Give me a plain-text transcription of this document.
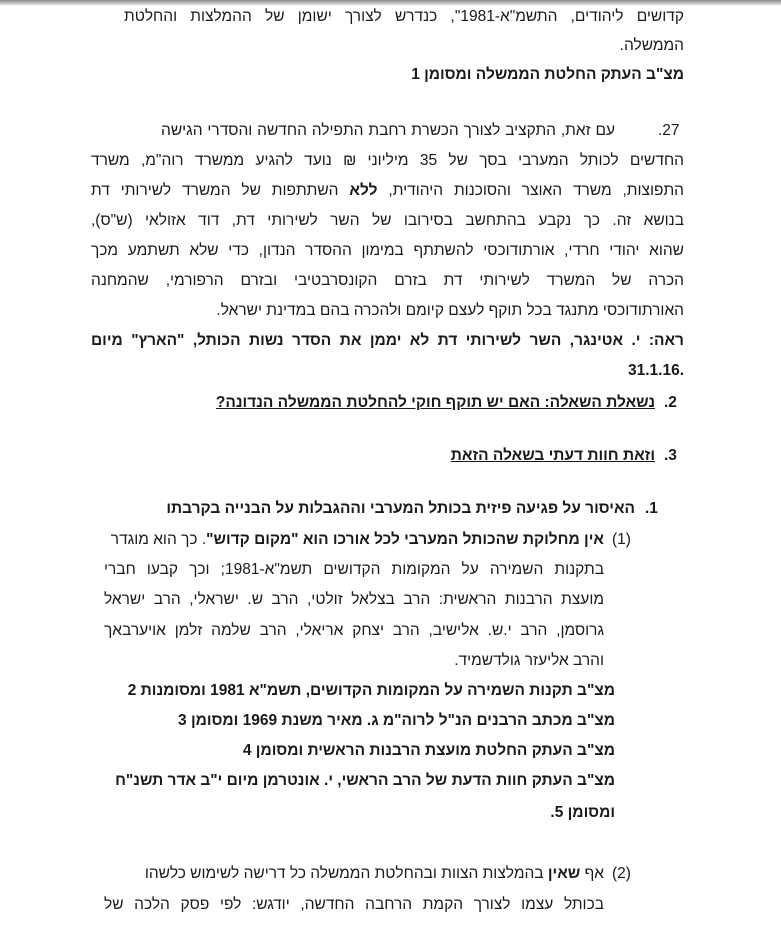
קדושים ליהודים, התשמ"א-1981", כנדרש לצורך ישומן של ההמלצות והחלטת
הממשלה.
מצ"ב העתק החלטת הממשלה ומסומן 1
.27
עם זאת, התקציב לצורך הכשרת רחבת התפילה החדשה והסדרי הגישה
החדשים לכותל המערבי בסך של 35 מיליוני ₪ נועד להגיע ממשרד רוה"מ, משרד
התפוצות, משרד האוצר והסוכנות היהודית, ללא השתתפות של המשרד לשירותי דת
בנושא זה. כך נקבע בהתחשב בסירובו של השר לשירותי דת, דוד אזולאי (ש"ס),
שהוא יהודי חרדי, אורתודוכסי להשתתף במימון ההסדר הנדון, כדי שלא תשתמע מכך
הכרה של המשרד לשירותי דת בזרם הקונסרבטיבי ובזרם הרפורמי, שהמחנה
האורתודוכסי מתנגד בכל תוקף לעצם קיומם ולהכרה בהם במדינת ישראל.
ראה: י. אטינגר, השר לשירותי דת לא יממן את הסדר נשות הכותל, "הארץ" מיום
.31.1.16
.2
נשאלת השאלה: האם יש תוקף חוקי להחלטת הממשלה הנדונה?
.3
וזאת חוות דעתי בשאלה הזאת
.1
האיסור על פגיעה פיזית בכותל המערבי וההגבלות על הבנייה בקרבתו
(1)
אין מחלוקת שהכותל המערבי לכל אורכו הוא "מקום קדוש". כך הוא מוגדר
בתקנות השמירה על המקומות הקדושים תשמ"א-1981; וכך קבעו חברי
מועצת הרבנות הראשית: הרב בצלאל זולטי, הרב ש. ישראלי, הרב ישראל
גרוסמן, הרב י.ש. אלישיב, הרב יצחק אריאלי, הרב שלמה זלמן אויערבאך
והרב אליעזר גולדשמיד.
מצ"ב תקנות השמירה על המקומות הקדושים, תשמ"א 1981 ומסומנות 2
מצ"ב מכתב הרבנים הנ"ל לרוה"מ ג. מאיר משנת 1969 ומסומן 3
מצ"ב העתק החלטת מועצת הרבנות הראשית ומסומן 4
מצ"ב העתק חוות הדעת של הרב הראשי, י. אונטרמן מיום י"ב אדר תשנ"ח
ומסומן 5.
(2)
אף שאין בהמלצות הצוות ובהחלטת הממשלה כל דרישה לשימוש כלשהו
בכותל עצמו לצורך הקמת הרחבה החדשה, יודגש: לפי פסק הלכה של
